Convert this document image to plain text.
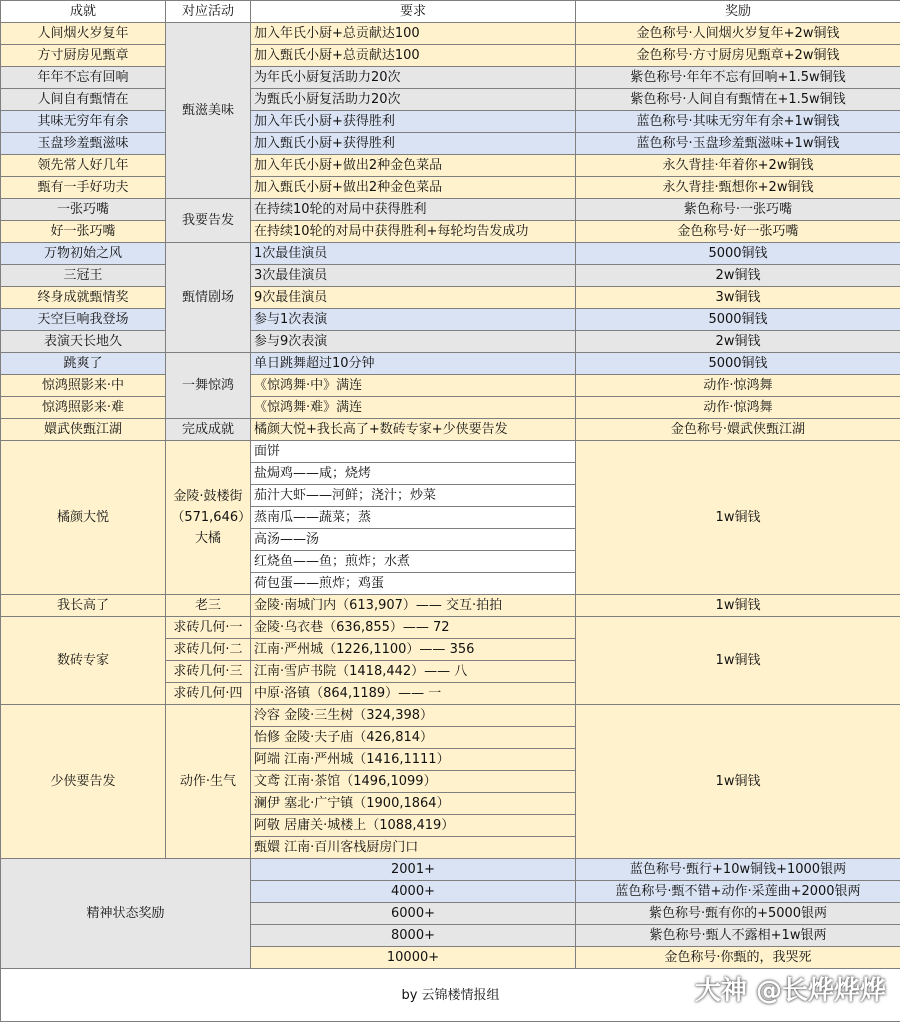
成就	对应活动	要求	奖励
人间烟火岁复年	甄滋美味	加入年氏小厨+总贡献达100	金色称号·人间烟火岁复年+2w铜钱
方寸厨房见甄章		加入甄氏小厨+总贡献达100	金色称号·方寸厨房见甄章+2w铜钱
年年不忘有回响		为年氏小厨复活助力20次	紫色称号·年年不忘有回响+1.5w铜钱
人间自有甄情在		为甄氏小厨复活助力20次	紫色称号·人间自有甄情在+1.5w铜钱
其味无穷年有余		加入年氏小厨+获得胜利	蓝色称号·其味无穷年有余+1w铜钱
玉盘珍羞甄滋味		加入甄氏小厨+获得胜利	蓝色称号·玉盘珍羞甄滋味+1w铜钱
领先常人好几年		加入年氏小厨+做出2种金色菜品	永久背挂·年着你+2w铜钱
甄有一手好功夫		加入甄氏小厨+做出2种金色菜品	永久背挂·甄想你+2w铜钱
一张巧嘴	我要告发	在持续10轮的对局中获得胜利	紫色称号·一张巧嘴
好一张巧嘴		在持续10轮的对局中获得胜利+每轮均告发成功	金色称号·好一张巧嘴
万物初始之风	甄情剧场	1次最佳演员	5000铜钱
三冠王		3次最佳演员	2w铜钱
终身成就甄情奖		9次最佳演员	3w铜钱
天空巨响我登场		参与1次表演	5000铜钱
表演天长地久		参与9次表演	2w铜钱
跳爽了	一舞惊鸿	单日跳舞超过10分钟	5000铜钱
惊鸿照影来·中		《惊鸿舞·中》满连	动作·惊鸿舞
惊鸿照影来·难		《惊鸿舞·难》满连	动作·惊鸿舞
嬛武侠甄江湖	完成成就	橘颜大悦+我长高了+数砖专家+少侠要告发	金色称号·嬛武侠甄江湖
橘颜大悦	金陵·鼓楼街（571,646）大橘	面饼	1w铜钱
		盐焗鸡——咸；烧烤	
		茄汁大虾——河鲜；浇汁；炒菜	
		蒸南瓜——蔬菜；蒸	
		高汤——汤	
		红烧鱼——鱼；煎炸；水煮	
		荷包蛋——煎炸；鸡蛋	
我长高了	老三	金陵·南城门内（613,907）—— 交互·拍拍	1w铜钱
数砖专家	求砖几何·一	金陵·乌衣巷（636,855）—— 72	1w铜钱
	求砖几何·二	江南·严州城（1226,1100）—— 356	
	求砖几何·三	江南·雪庐书院（1418,442）—— 八	
	求砖几何·四	中原·洛镇（864,1189）—— 一	
少侠要告发	动作·生气	泠容 金陵·三生树（324,398）	1w铜钱
		怡修 金陵·夫子庙（426,814）	
		阿端 江南·严州城（1416,1111）	
		文鸢 江南·茶馆（1496,1099）	
		澜伊 塞北·广宁镇（1900,1864）	
		阿敬 居庸关·城楼上（1088,419）	
		甄嬛 江南·百川客栈厨房门口	
精神状态奖励		2001+	蓝色称号·甄行+10w铜钱+1000银两
		4000+	蓝色称号·甄不错+动作·采莲曲+2000银两
		6000+	紫色称号·甄有你的+5000银两
		8000+	紫色称号·甄人不露相+1w银两
		10000+	金色称号·你甄的，我哭死
by 云锦楼情报组				大神 @长烨烨烨
